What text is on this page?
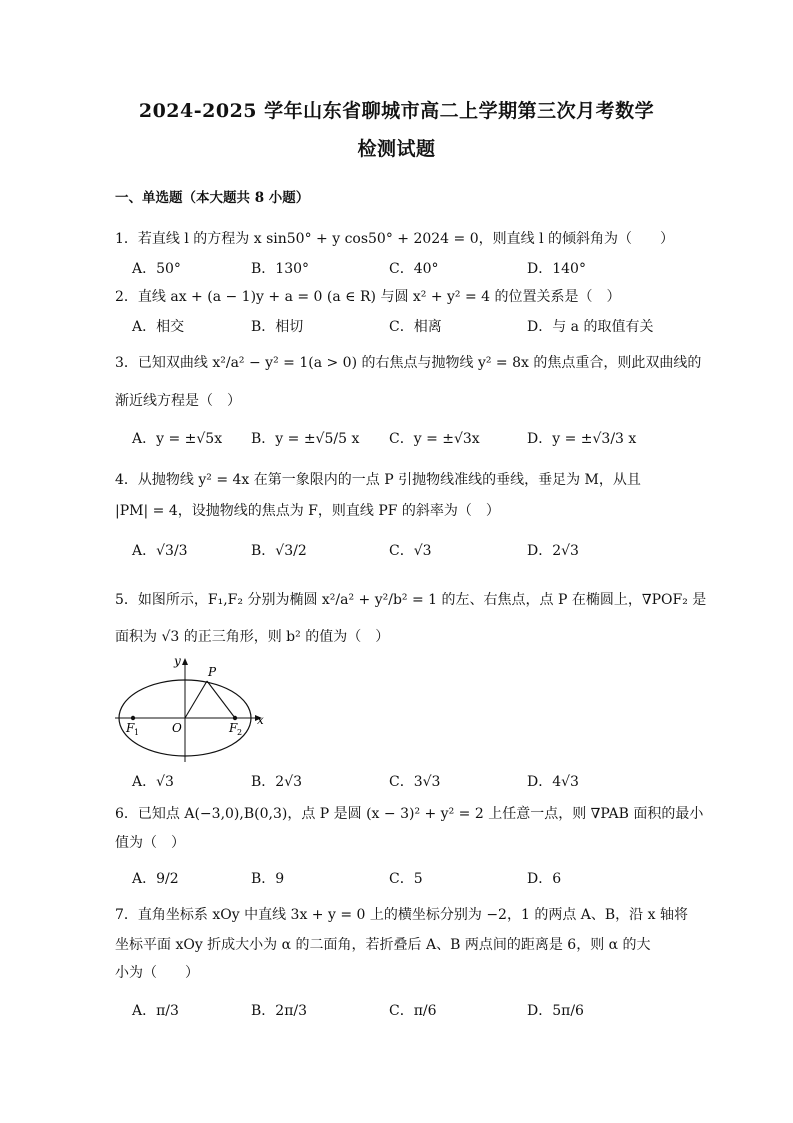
2024-2025 学年山东省聊城市高二上学期第三次月考数学
检测试题
一、单选题（本大题共 8 小题）
1．若直线 l 的方程为 x sin50° + y cos50° + 2024 = 0，则直线 l 的倾斜角为（　　）
A．50°	B．130°	C．40°	D．140°
2．直线 ax + (a − 1)y + a = 0 (a ∈ R) 与圆 x² + y² = 4 的位置关系是（　）
A．相交	B．相切	C．相离	D．与 a 的取值有关
3．已知双曲线 x²/a² − y² = 1(a > 0) 的右焦点与抛物线 y² = 8x 的焦点重合，则此双曲线的
渐近线方程是（　）
A．y = ±√5x B．y = ±√5/5 x C．y = ±√3x	D．y = ±√3/3 x
4．从抛物线 y² = 4x 在第一象限内的一点 P 引抛物线准线的垂线，垂足为 M，从且
|PM| = 4，设抛物线的焦点为 F，则直线 PF 的斜率为（　）
A．√3/3	B．√3/2	C．√3	D．2√3
5．如图所示，F₁,F₂ 分别为椭圆 x²/a² + y²/b² = 1 的左、右焦点，点 P 在椭圆上，∇POF₂ 是
面积为 √3 的正三角形，则 b² 的值为（　）
y
x
P
O
F 1	F 2
A．√3	B．2√3	C．3√3	D．4√3
6．已知点 A(−3,0),B(0,3)，点 P 是圆 (x − 3)² + y² = 2 上任意一点，则 ∇PAB 面积的最小
值为（　）
A．9/2	B．9	C．5	D．6
7．直角坐标系 xOy 中直线 3x + y = 0 上的横坐标分别为 −2，1 的两点 A、B，沿 x 轴将
坐标平面 xOy 折成大小为 α 的二面角，若折叠后 A、B 两点间的距离是 6，则 α 的大
小为（　　）
A．π/3	B．2π/3	C．π/6	D．5π/6
